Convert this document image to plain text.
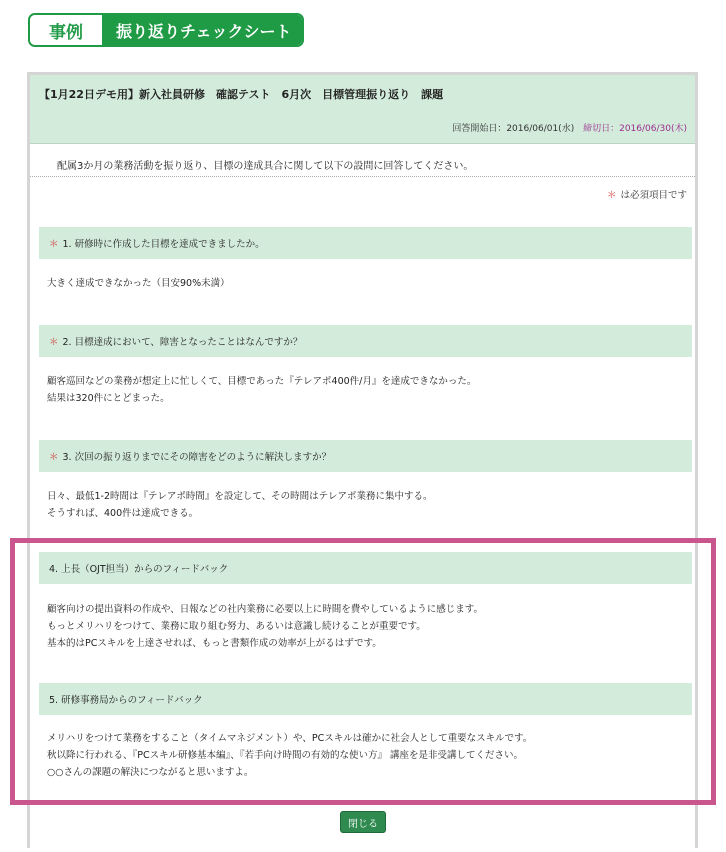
事例	振り返りチェックシート
【1月22日デモ用】新入社員研修　確認テスト　6月次　目標管理振り返り　課題
回答開始日：2016/06/01(水) 締切日：2016/06/30(木)
配属3か月の業務活動を振り返り、目標の達成具合に関して以下の設問に回答してください。
＊ は必須項目です
＊ 1. 研修時に作成した目標を達成できましたか。
大きく達成できなかった（目安90%未満）
＊ 2. 目標達成において、障害となったことはなんですか？
顧客巡回などの業務が想定上に忙しくて、目標であった『テレアポ400件/月』を達成できなかった。
結果は320件にとどまった。
＊ 3. 次回の振り返りまでにその障害をどのように解決しますか？
日々、最低1-2時間は『テレアポ時間』を設定して、その時間はテレアポ業務に集中する。
そうすれば、400件は達成できる。
4. 上長（OJT担当）からのフィードバック
顧客向けの提出資料の作成や、日報などの社内業務に必要以上に時間を費やしているように感じます。
もっとメリハリをつけて、業務に取り組む努力、あるいは意識し続けることが重要です。
基本的はPCスキルを上達させれば、もっと書類作成の効率が上がるはずです。
5. 研修事務局からのフィードバック
メリハリをつけて業務をすること（タイムマネジメント）や、PCスキルは確かに社会人として重要なスキルです。
秋以降に行われる、『PCスキル研修基本編』、『若手向け時間の有効的な使い方』 講座を是非受講してください。
○○さんの課題の解決につながると思いますよ。
閉じる
